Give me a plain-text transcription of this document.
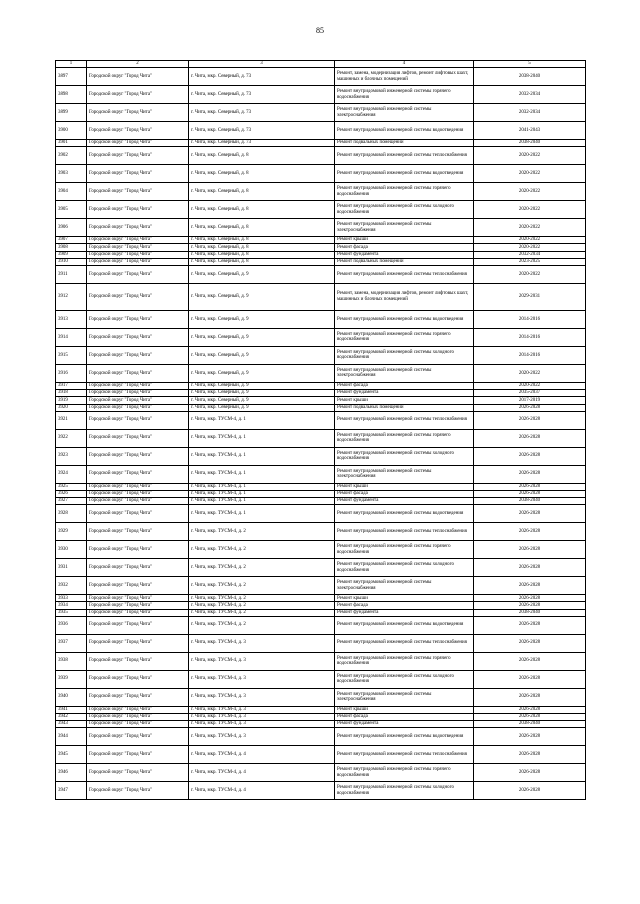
85
1	2	3	4	5
3897	Городской округ "Город Чита"	г. Чита, мкр. Северный, д. 73	Ремонт, замена, модернизация лифтов, ремонт лифтовых шахт, машинных и блочных помещений	2038-2040
3898	Городской округ "Город Чита"	г. Чита, мкр. Северный, д. 73	Ремонт внутридомовой инженерной системы горячего водоснабжения	2032-2034
3899	Городской округ "Город Чита"	г. Чита, мкр. Северный, д. 73	Ремонт внутридомовой инженерной системы электроснабжения	2032-2034
3900	Городской округ "Город Чита"	г. Чита, мкр. Северный, д. 73	Ремонт внутридомовой инженерной системы водоотведения	2041-2043
3901	Городской округ "Город Чита"	г. Чита, мкр. Северный, д. 73	Ремонт подвальных помещений	2038-2040
3902	Городской округ "Город Чита"	г. Чита, мкр. Северный, д. 8	Ремонт внутридомовой инженерной системы теплоснабжения	2020-2022
3903	Городской округ "Город Чита"	г. Чита, мкр. Северный, д. 8	Ремонт внутридомовой инженерной системы водоотведения	2020-2022
3904	Городской округ "Город Чита"	г. Чита, мкр. Северный, д. 8	Ремонт внутридомовой инженерной системы горячего водоснабжения	2020-2022
3905	Городской округ "Город Чита"	г. Чита, мкр. Северный, д. 8	Ремонт внутридомовой инженерной системы холодного водоснабжения	2020-2022
3906	Городской округ "Город Чита"	г. Чита, мкр. Северный, д. 8	Ремонт внутридомовой инженерной системы электроснабжения	2020-2022
3907	Городской округ "Город Чита"	г. Чита, мкр. Северный, д. 8	Ремонт крыши	2020-2022
3908	Городской округ "Город Чита"	г. Чита, мкр. Северный, д. 8	Ремонт фасада	2020-2022
3909	Городской округ "Город Чита"	г. Чита, мкр. Северный, д. 8	Ремонт фундамента	2032-2034
3910	Городской округ "Город Чита"	г. Чита, мкр. Северный, д. 8	Ремонт подвальных помещений	2023-2025
3911	Городской округ "Город Чита"	г. Чита, мкр. Северный, д. 9	Ремонт внутридомовой инженерной системы теплоснабжения	2020-2022
3912	Городской округ "Город Чита"	г. Чита, мкр. Северный, д. 9	Ремонт, замена, модернизация лифтов, ремонт лифтовых шахт, машинных и блочных помещений	2029-2031
3913	Городской округ "Город Чита"	г. Чита, мкр. Северный, д. 9	Ремонт внутридомовой инженерной системы водоотведения	2014-2016
3914	Городской округ "Город Чита"	г. Чита, мкр. Северный, д. 9	Ремонт внутридомовой инженерной системы горячего водоснабжения	2014-2016
3915	Городской округ "Город Чита"	г. Чита, мкр. Северный, д. 9	Ремонт внутридомовой инженерной системы холодного водоснабжения	2014-2016
3916	Городской округ "Город Чита"	г. Чита, мкр. Северный, д. 9	Ремонт внутридомовой инженерной системы электроснабжения	2020-2022
3917	Городской округ "Город Чита"	г. Чита, мкр. Северный, д. 9	Ремонт фасада	2020-2022
3918	Городской округ "Город Чита"	г. Чита, мкр. Северный, д. 9	Ремонт фундамента	2035-2037
3919	Городской округ "Город Чита"	г. Чита, мкр. Северный, д. 9	Ремонт крыши	2017-2019
3920	Городской округ "Город Чита"	г. Чита, мкр. Северный, д. 9	Ремонт подвальных помещений	2026-2028
3921	Городской округ "Город Чита"	г. Чита, мкр. ТУСМ-4, д. 1	Ремонт внутридомовой инженерной системы теплоснабжения	2026-2028
3922	Городской округ "Город Чита"	г. Чита, мкр. ТУСМ-4, д. 1	Ремонт внутридомовой инженерной системы горячего водоснабжения	2026-2028
3923	Городской округ "Город Чита"	г. Чита, мкр. ТУСМ-4, д. 1	Ремонт внутридомовой инженерной системы холодного водоснабжения	2026-2028
3924	Городской округ "Город Чита"	г. Чита, мкр. ТУСМ-4, д. 1	Ремонт внутридомовой инженерной системы электроснабжения	2026-2028
3925	Городской округ "Город Чита"	г. Чита, мкр. ТУСМ-4, д. 1	Ремонт крыши	2026-2028
3926	Городской округ "Город Чита"	г. Чита, мкр. ТУСМ-4, д. 1	Ремонт фасада	2026-2028
3927	Городской округ "Город Чита"	г. Чита, мкр. ТУСМ-4, д. 1	Ремонт фундамента	2038-2040
3928	Городской округ "Город Чита"	г. Чита, мкр. ТУСМ-4, д. 1	Ремонт внутридомовой инженерной системы водоотведения	2026-2028
3929	Городской округ "Город Чита"	г. Чита, мкр. ТУСМ-4, д. 2	Ремонт внутридомовой инженерной системы теплоснабжения	2026-2028
3930	Городской округ "Город Чита"	г. Чита, мкр. ТУСМ-4, д. 2	Ремонт внутридомовой инженерной системы горячего водоснабжения	2026-2028
3931	Городской округ "Город Чита"	г. Чита, мкр. ТУСМ-4, д. 2	Ремонт внутридомовой инженерной системы холодного водоснабжения	2026-2028
3932	Городской округ "Город Чита"	г. Чита, мкр. ТУСМ-4, д. 2	Ремонт внутридомовой инженерной системы электроснабжения	2026-2028
3933	Городской округ "Город Чита"	г. Чита, мкр. ТУСМ-4, д. 2	Ремонт крыши	2026-2028
3934	Городской округ "Город Чита"	г. Чита, мкр. ТУСМ-4, д. 2	Ремонт фасада	2026-2028
3935	Городской округ "Город Чита"	г. Чита, мкр. ТУСМ-4, д. 2	Ремонт фундамента	2038-2040
3936	Городской округ "Город Чита"	г. Чита, мкр. ТУСМ-4, д. 2	Ремонт внутридомовой инженерной системы водоотведения	2026-2028
3937	Городской округ "Город Чита"	г. Чита, мкр. ТУСМ-4, д. 3	Ремонт внутридомовой инженерной системы теплоснабжения	2026-2028
3938	Городской округ "Город Чита"	г. Чита, мкр. ТУСМ-4, д. 3	Ремонт внутридомовой инженерной системы горячего водоснабжения	2026-2028
3939	Городской округ "Город Чита"	г. Чита, мкр. ТУСМ-4, д. 3	Ремонт внутридомовой инженерной системы холодного водоснабжения	2026-2028
3940	Городской округ "Город Чита"	г. Чита, мкр. ТУСМ-4, д. 3	Ремонт внутридомовой инженерной системы электроснабжения	2026-2028
3941	Городской округ "Город Чита"	г. Чита, мкр. ТУСМ-4, д. 3	Ремонт крыши	2026-2028
3942	Городской округ "Город Чита"	г. Чита, мкр. ТУСМ-4, д. 3	Ремонт фасада	2026-2028
3943	Городской округ "Город Чита"	г. Чита, мкр. ТУСМ-4, д. 3	Ремонт фундамента	2038-2040
3944	Городской округ "Город Чита"	г. Чита, мкр. ТУСМ-4, д. 3	Ремонт внутридомовой инженерной системы водоотведения	2026-2028
3945	Городской округ "Город Чита"	г. Чита, мкр. ТУСМ-4, д. 4	Ремонт внутридомовой инженерной системы теплоснабжения	2026-2028
3946	Городской округ "Город Чита"	г. Чита, мкр. ТУСМ-4, д. 4	Ремонт внутридомовой инженерной системы горячего водоснабжения	2026-2028
3947	Городской округ "Город Чита"	г. Чита, мкр. ТУСМ-4, д. 4	Ремонт внутридомовой инженерной системы холодного водоснабжения	2026-2028
